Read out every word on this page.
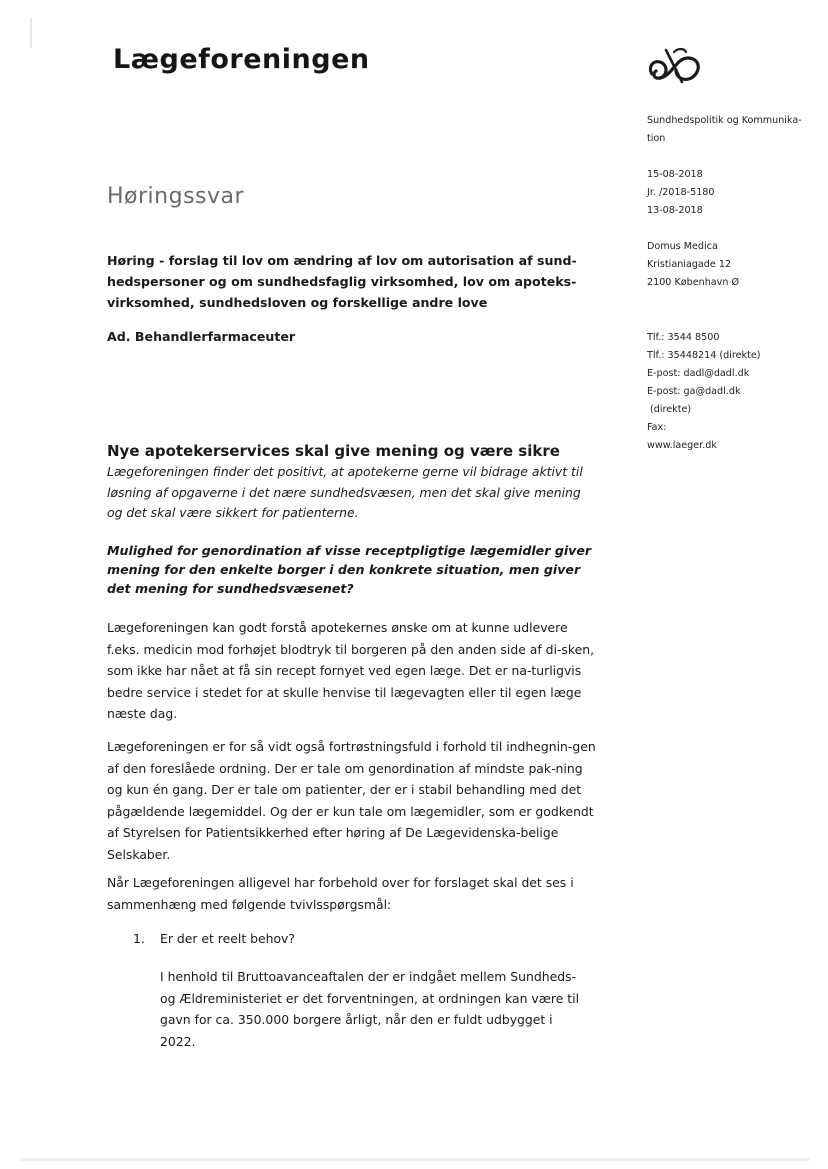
Lægeforeningen
Høringssvar
Høring - forslag til lov om ændring af lov om autorisation af sund-hedspersoner og om sundhedsfaglig virksomhed, lov om apoteks-virksomhed, sundhedsloven og forskellige andre love
Ad. Behandlerfarmaceuter
Nye apotekerservices skal give mening og være sikre
Lægeforeningen finder det positivt, at apotekerne gerne vil bidrage aktivt til løsning af opgaverne i det nære sundhedsvæsen, men det skal give mening og det skal være sikkert for patienterne.
Mulighed for genordination af visse receptpligtige lægemidler giver mening for den enkelte borger i den konkrete situation, men giver det mening for sundhedsvæsenet?
Lægeforeningen kan godt forstå apotekernes ønske om at kunne udlevere f.eks. medicin mod forhøjet blodtryk til borgeren på den anden side af di-sken, som ikke har nået at få sin recept fornyet ved egen læge. Det er na-turligvis bedre service i stedet for at skulle henvise til lægevagten eller til egen læge næste dag.
Lægeforeningen er for så vidt også fortrøstningsfuld i forhold til indhegnin-gen af den foreslåede ordning. Der er tale om genordination af mindste pak-ning og kun én gang. Der er tale om patienter, der er i stabil behandling med det pågældende lægemiddel. Og der er kun tale om lægemidler, som er godkendt af Styrelsen for Patientsikkerhed efter høring af De Lægevidenska-belige Selskaber.
Når Lægeforeningen alligevel har forbehold over for forslaget skal det ses i sammenhæng med følgende tvivlsspørgsmål:
1. Er der et reelt behov?
I henhold til Bruttoavanceaftalen der er indgået mellem Sundheds- og Ældreministeriet er det forventningen, at ordningen kan være til gavn for ca. 350.000 borgere årligt, når den er fuldt udbygget i 2022.
Sundhedspolitik og Kommunika-
tion
15-08-2018
Jr. /2018-5180
13-08-2018
Domus Medica
Kristianiagade 12
2100 København Ø
Tlf.: 3544 8500
Tlf.: 35448214 (direkte)
E-post: dadl@dadl.dk
E-post: ga@dadl.dk
(direkte)
Fax:
www.laeger.dk
